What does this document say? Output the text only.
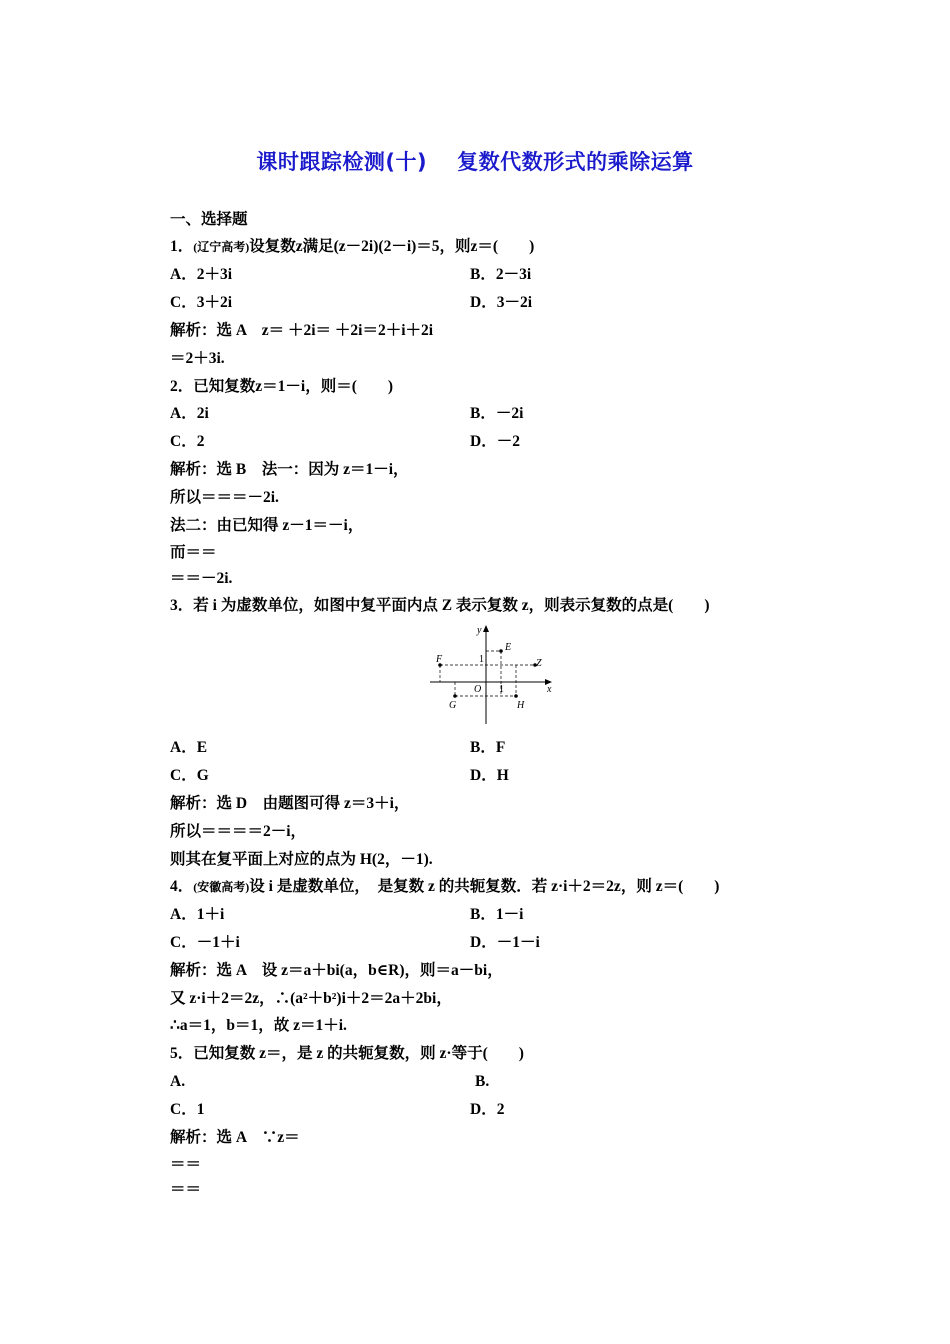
课时跟踪检测(十) 复数代数形式的乘除运算
一、选择题
1．(辽宁高考)设复数z满足(z－2i)(2－i)＝5，则z＝(　　)
A．2＋3i	B．2－3i
C．3＋2i	D．3－2i
解析：选 A　z＝ ＋2i＝ ＋2i＝2＋i＋2i
＝2＋3i.
2．已知复数z＝1－i，则＝(　　)
A．2i	B．－2i
C．2	D．－2
解析：选 B　法一：因为 z＝1－i，
所以＝＝＝－2i.
法二：由已知得 z－1＝－i，
而＝＝
＝＝－2i.
3．若 i 为虚数单位，如图中复平面内点 Z 表示复数 z，则表示复数的点是(　　)
y
x
O 1
1
E
F	Z
G	H
A．E	B．F
C．G	D．H
解析：选 D　由题图可得 z＝3＋i，
所以＝＝＝＝2－i，
则其在复平面上对应的点为 H(2，－1).
4．(安徽高考)设 i 是虚数单位，　是复数 z 的共轭复数．若 z·i＋2＝2z，则 z＝(　　)
A．1＋i	B．1－i
C．－1＋i	D．－1－i
解析：选 A　设 z＝a＋bi(a，b∈R)，则＝a－bi，
又 z·i＋2＝2z，∴(a²＋b²)i＋2＝2a＋2bi，
∴a＝1，b＝1，故 z＝1＋i.
5．已知复数 z＝，是 z 的共轭复数，则 z·等于(　　)
A.	B.
C．1	D．2
解析：选 A　∵z＝
＝＝
＝＝
